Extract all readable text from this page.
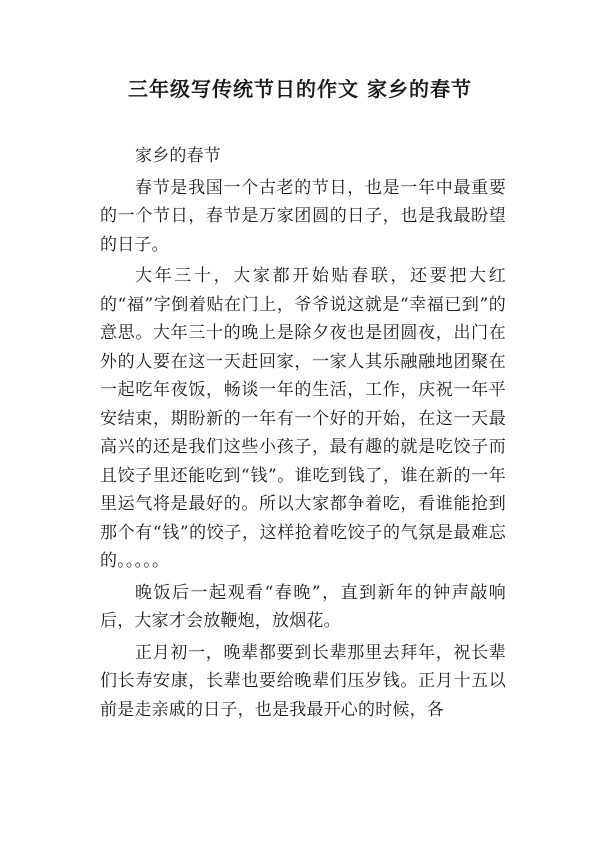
三年级写传统节日的作文 家乡的春节

家乡的春节

春节是我国一个古老的节日，也是一年中最重要的一个节日，春节是万家团圆的日子，也是我最盼望的日子。

大年三十，大家都开始贴春联，还要把大红的“福”字倒着贴在门上，爷爷说这就是“幸福已到”的意思。大年三十的晚上是除夕夜也是团圆夜，出门在外的人要在这一天赶回家，一家人其乐融融地团聚在一起吃年夜饭，畅谈一年的生活，工作，庆祝一年平安结束，期盼新的一年有一个好的开始，在这一天最高兴的还是我们这些小孩子，最有趣的就是吃饺子而且饺子里还能吃到“钱”。谁吃到钱了，谁在新的一年里运气将是最好的。所以大家都争着吃，看谁能抢到那个有“钱”的饺子，这样抢着吃饺子的气氛是最难忘的。。。。。

晚饭后一起观看“春晚”，直到新年的钟声敲响后，大家才会放鞭炮，放烟花。

正月初一，晚辈都要到长辈那里去拜年，祝长辈们长寿安康，长辈也要给晚辈们压岁钱。正月十五以前是走亲戚的日子，也是我最开心的时候，各
